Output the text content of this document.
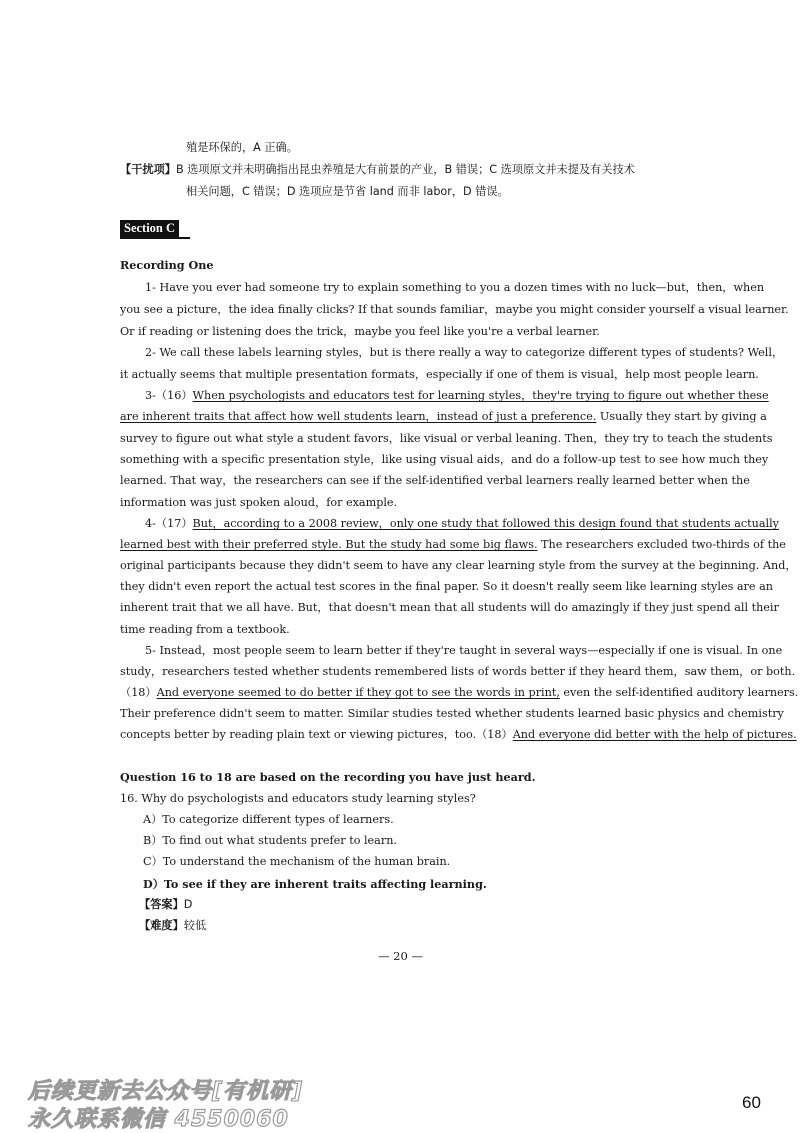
殖是环保的，A 正确。
【干扰项】B 选项原文并未明确指出昆虫养殖是大有前景的产业，B 错误；C 选项原文并未提及有关技术
相关问题，C 错误；D 选项应是节省 land 而非 labor，D 错误。
Section C
Recording One
1- Have you ever had someone try to explain something to you a dozen times with no luck—but，then，when
you see a picture，the idea finally clicks? If that sounds familiar，maybe you might consider yourself a visual learner.
Or if reading or listening does the trick，maybe you feel like you're a verbal learner.
2- We call these labels learning styles，but is there really a way to categorize different types of students? Well，
it actually seems that multiple presentation formats，especially if one of them is visual，help most people learn.
3-（16）When psychologists and educators test for learning styles，they're trying to figure out whether these
are inherent traits that affect how well students learn，instead of just a preference. Usually they start by giving a
survey to figure out what style a student favors，like visual or verbal leaning. Then，they try to teach the students
something with a specific presentation style，like using visual aids，and do a follow-up test to see how much they
learned. That way，the researchers can see if the self-identified verbal learners really learned better when the
information was just spoken aloud，for example.
4-（17）But，according to a 2008 review，only one study that followed this design found that students actually
learned best with their preferred style. But the study had some big flaws. The researchers excluded two-thirds of the
original participants because they didn't seem to have any clear learning style from the survey at the beginning. And，
they didn't even report the actual test scores in the final paper. So it doesn't really seem like learning styles are an
inherent trait that we all have. But，that doesn't mean that all students will do amazingly if they just spend all their
time reading from a textbook.
5- Instead，most people seem to learn better if they're taught in several ways—especially if one is visual. In one
study，researchers tested whether students remembered lists of words better if they heard them，saw them，or both.
（18）And everyone seemed to do better if they got to see the words in print, even the self-identified auditory learners.
Their preference didn't seem to matter. Similar studies tested whether students learned basic physics and chemistry
concepts better by reading plain text or viewing pictures，too.（18）And everyone did better with the help of pictures.
Question 16 to 18 are based on the recording you have just heard.
16. Why do psychologists and educators study learning styles?
A）To categorize different types of learners.
B）To find out what students prefer to learn.
C）To understand the mechanism of the human brain.
D）To see if they are inherent traits affecting learning.
【答案】D
【难度】较低
— 20 —
后续更新去公众号[有机研]
永久联系微信 4550060
60
